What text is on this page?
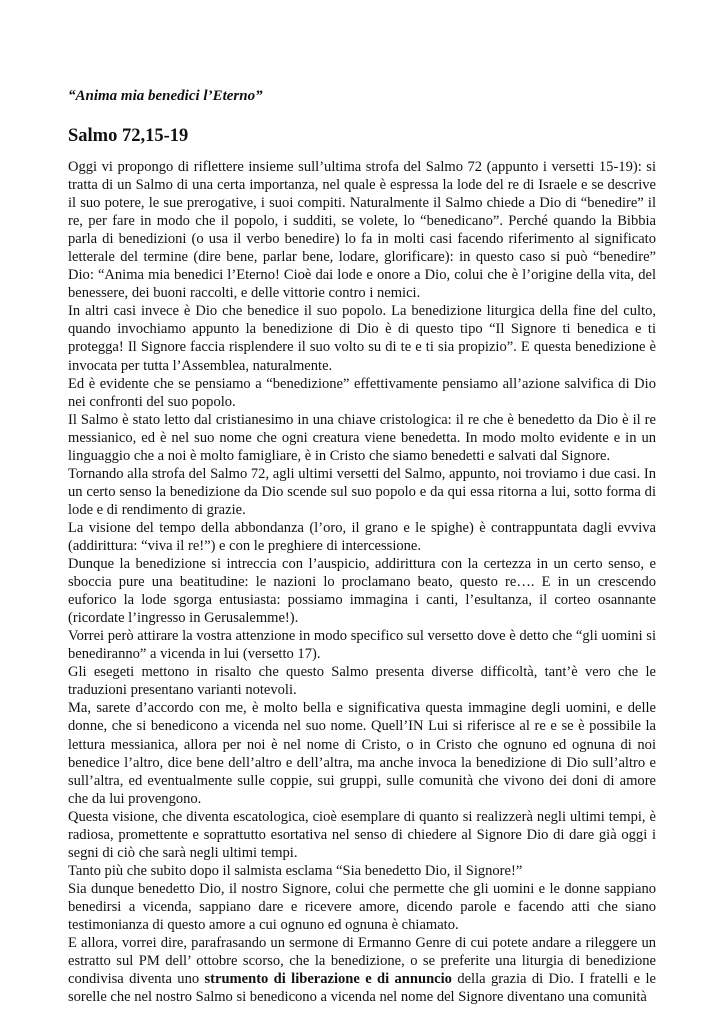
“Anima mia benedici l’Eterno”

Salmo 72,15-19

Oggi vi propongo di riflettere insieme sull’ultima strofa del Salmo 72 (appunto i versetti 15-19): si tratta di un Salmo di una certa importanza, nel quale è espressa la lode del re di Israele e se descrive il suo potere, le sue prerogative, i suoi compiti. Naturalmente il Salmo chiede a Dio di “benedire” il re, per fare in modo che il popolo, i sudditi, se volete, lo “benedicano”. Perché quando la Bibbia parla di benedizioni (o usa il verbo benedire) lo fa in molti casi facendo riferimento al significato letterale del termine (dire bene, parlar bene, lodare, glorificare): in questo caso si può “benedire” Dio: “Anima mia benedici l’Eterno! Cioè dai lode e onore a Dio, colui che è l’origine della vita, del benessere, dei buoni raccolti, e delle vittorie contro i nemici.

In altri casi invece è Dio che benedice il suo popolo. La benedizione liturgica della fine del culto, quando invochiamo appunto la benedizione di Dio è di questo tipo “Il Signore ti benedica e ti protegga! Il Signore faccia risplendere il suo volto su di te e ti sia propizio”. E questa benedizione è invocata per tutta l’Assemblea, naturalmente.

Ed è evidente che se pensiamo a “benedizione” effettivamente pensiamo all’azione salvifica di Dio nei confronti del suo popolo.

Il Salmo è stato letto dal cristianesimo in una chiave cristologica: il re che è benedetto da Dio è il re messianico, ed è nel suo nome che ogni creatura viene benedetta. In modo molto evidente e in un linguaggio che a noi è molto famigliare, è in Cristo che siamo benedetti e salvati dal Signore.

Tornando alla strofa del Salmo 72, agli ultimi versetti del Salmo, appunto, noi troviamo i due casi. In un certo senso la benedizione da Dio scende sul suo popolo e da qui essa ritorna a lui, sotto forma di lode e di rendimento di grazie.

La visione del tempo della abbondanza (l’oro, il grano e le spighe) è contrappuntata dagli evviva (addirittura: “viva il re!”) e con le preghiere di intercessione.

Dunque la benedizione si intreccia con l’auspicio, addirittura con la certezza in un certo senso, e sboccia pure una beatitudine: le nazioni lo proclamano beato, questo re…. E in un crescendo euforico la lode sgorga entusiasta: possiamo immagina i canti, l’esultanza, il corteo osannante (ricordate l’ingresso in Gerusalemme!).

Vorrei però attirare la vostra attenzione in modo specifico sul versetto dove è detto che “gli uomini si benediranno” a vicenda in lui (versetto 17).

Gli esegeti mettono in risalto che questo Salmo presenta diverse difficoltà, tant’è vero che le traduzioni presentano varianti notevoli.

Ma, sarete d’accordo con me, è molto bella e significativa questa immagine degli uomini, e delle donne, che si benedicono a vicenda nel suo nome. Quell’IN Lui si riferisce al re e se è possibile la lettura messianica, allora per noi è nel nome di Cristo, o in Cristo che ognuno ed ognuna di noi benedice l’altro, dice bene dell’altro e dell’altra, ma anche invoca la benedizione di Dio sull’altro e sull’altra, ed eventualmente sulle coppie, sui gruppi, sulle comunità che vivono dei doni di amore che da lui provengono.

Questa visione, che diventa escatologica, cioè esemplare di quanto si realizzerà negli ultimi tempi, è radiosa, promettente e soprattutto esortativa nel senso di chiedere al Signore Dio di dare già oggi i segni di ciò che sarà negli ultimi tempi.

Tanto più che subito dopo il salmista esclama “Sia benedetto Dio, il Signore!”

Sia dunque benedetto Dio, il nostro Signore, colui che permette che gli uomini e le donne sappiano benedirsi a vicenda, sappiano dare e ricevere amore, dicendo parole e facendo atti che siano testimonianza di questo amore a cui ognuno ed ognuna è chiamato.

E allora, vorrei dire, parafrasando un sermone di Ermanno Genre di cui potete andare a rileggere un estratto sul PM dell’ ottobre scorso, che la benedizione, o se preferite una liturgia di benedizione condivisa diventa uno strumento di liberazione e di annuncio della grazia di Dio. I fratelli e le sorelle che nel nostro Salmo si benedicono a vicenda nel nome del Signore diventano una comunità
